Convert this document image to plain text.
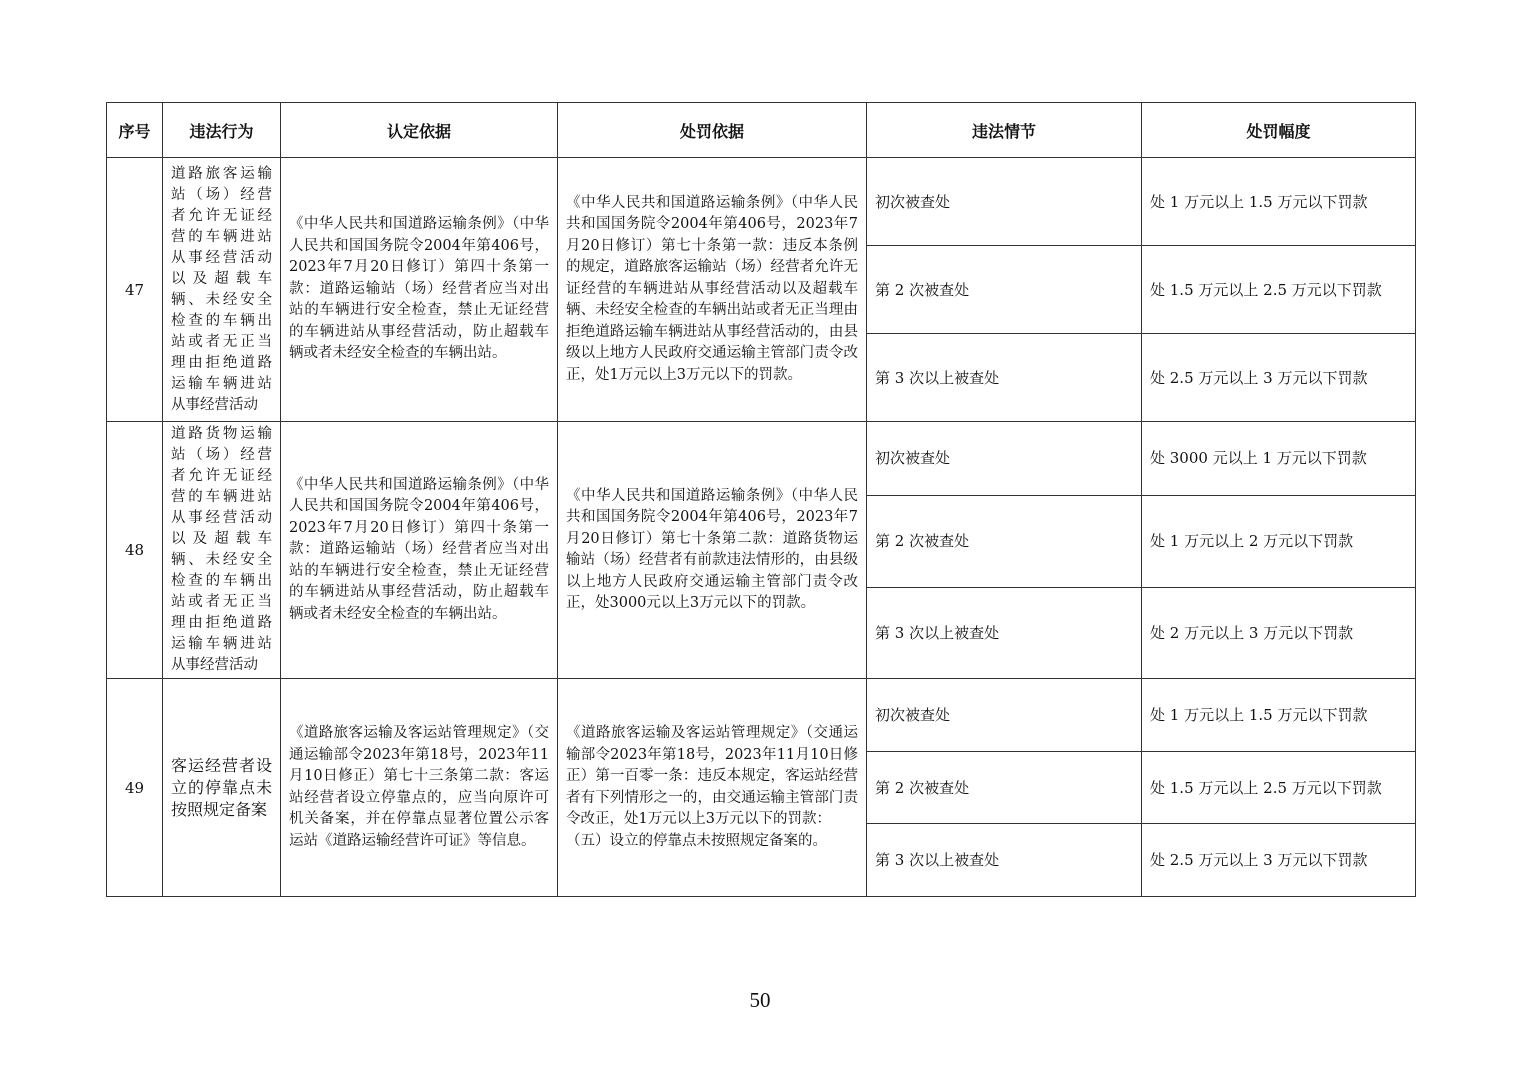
序号	违法行为	认定依据	处罚依据	违法情节	处罚幅度
47	道路旅客运输站（场）经营者允许无证经营的车辆进站从事经营活动以及超载车辆、未经安全检查的车辆出站或者无正当理由拒绝道路运输车辆进站从事经营活动	《中华人民共和国道路运输条例》（中华人民共和国国务院令2004年第406号，2023年7月20日修订）第四十条第一款：道路运输站（场）经营者应当对出站的车辆进行安全检查，禁止无证经营的车辆进站从事经营活动，防止超载车辆或者未经安全检查的车辆出站。	《中华人民共和国道路运输条例》（中华人民共和国国务院令2004年第406号，2023年7月20日修订）第七十条第一款：违反本条例的规定，道路旅客运输站（场）经营者允许无证经营的车辆进站从事经营活动以及超载车辆、未经安全检查的车辆出站或者无正当理由拒绝道路运输车辆进站从事经营活动的，由县级以上地方人民政府交通运输主管部门责令改正，处1万元以上3万元以下的罚款。	初次被查处	处 1 万元以上 1.5 万元以下罚款
				第 2 次被查处	处 1.5 万元以上 2.5 万元以下罚款
				第 3 次以上被查处	处 2.5 万元以上 3 万元以下罚款
48	道路货物运输站（场）经营者允许无证经营的车辆进站从事经营活动以及超载车辆、未经安全检查的车辆出站或者无正当理由拒绝道路运输车辆进站从事经营活动	《中华人民共和国道路运输条例》（中华人民共和国国务院令2004年第406号，2023年7月20日修订）第四十条第一款：道路运输站（场）经营者应当对出站的车辆进行安全检查，禁止无证经营的车辆进站从事经营活动，防止超载车辆或者未经安全检查的车辆出站。	《中华人民共和国道路运输条例》（中华人民共和国国务院令2004年第406号，2023年7月20日修订）第七十条第二款：道路货物运输站（场）经营者有前款违法情形的，由县级以上地方人民政府交通运输主管部门责令改正，处3000元以上3万元以下的罚款。	初次被查处	处 3000 元以上 1 万元以下罚款
				第 2 次被查处	处 1 万元以上 2 万元以下罚款
				第 3 次以上被查处	处 2 万元以上 3 万元以下罚款
49	客运经营者设立的停靠点未按照规定备案	《道路旅客运输及客运站管理规定》（交通运输部令2023年第18号，2023年11月10日修正）第七十三条第二款：客运站经营者设立停靠点的，应当向原许可机关备案，并在停靠点显著位置公示客运站《道路运输经营许可证》等信息。	《道路旅客运输及客运站管理规定》（交通运输部令2023年第18号，2023年11月10日修正）第一百零一条：违反本规定，客运站经营者有下列情形之一的，由交通运输主管部门责令改正，处1万元以上3万元以下的罚款：
（五）设立的停靠点未按照规定备案的。	初次被查处	处 1 万元以上 1.5 万元以下罚款
				第 2 次被查处	处 1.5 万元以上 2.5 万元以下罚款
				第 3 次以上被查处	处 2.5 万元以上 3 万元以下罚款
50
